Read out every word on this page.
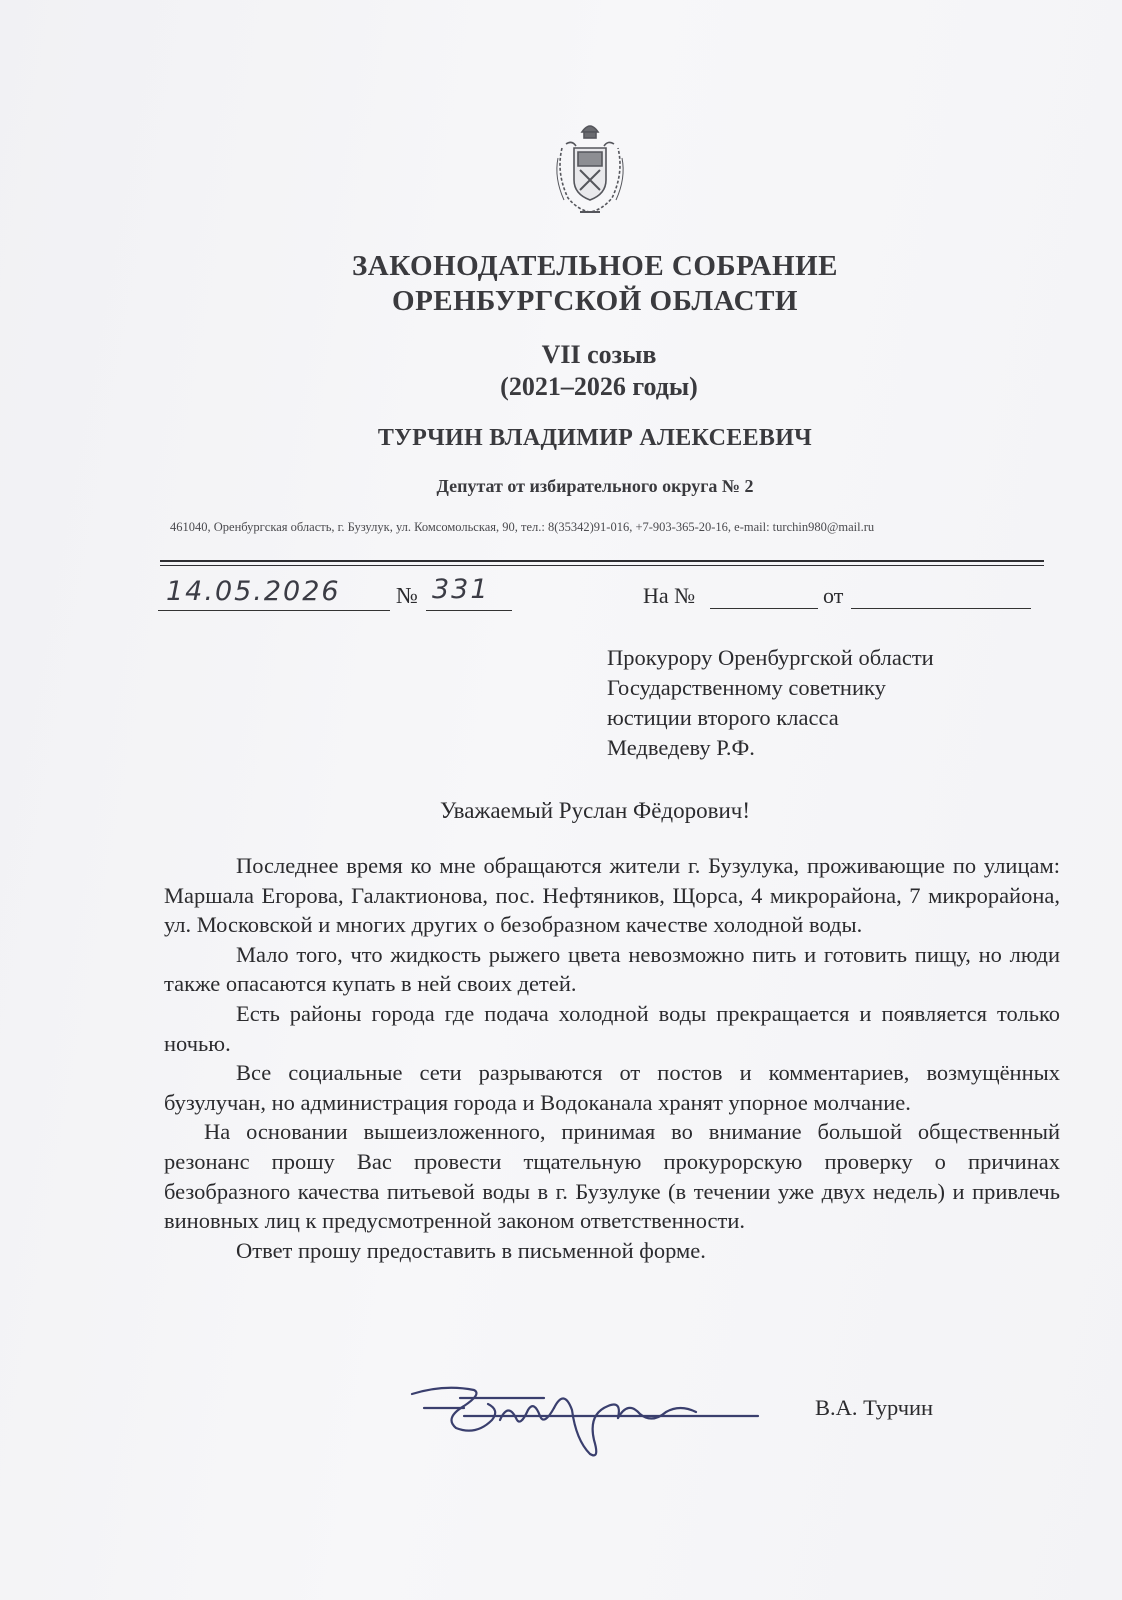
ЗАКОНОДАТЕЛЬНОЕ СОБРАНИЕ
ОРЕНБУРГСКОЙ ОБЛАСТИ
VII созыв
(2021–2026 годы)
ТУРЧИН ВЛАДИМИР АЛЕКСЕЕВИЧ
Депутат от избирательного округа № 2
461040, Оренбургская область, г. Бузулук, ул. Комсомольская, 90, тел.: 8(35342)91-016, +7-903-365-20-16, e-mail: turchin980@mail.ru
14.05.2026 № 331	На №	от
Прокурору Оренбургской области
Государственному советнику
юстиции второго класса
Медведеву Р.Ф.
Уважаемый Руслан Фёдорович!

Последнее время ко мне обращаются жители г. Бузулука, проживающие по улицам: Маршала Егорова, Галактионова, пос. Нефтяников, Щорса, 4 микрорайона, 7 микрорайона, ул. Московской и многих других о безобразном качестве холодной воды.

Мало того, что жидкость рыжего цвета невозможно пить и готовить пищу, но люди также опасаются купать в ней своих детей.

Есть районы города где подача холодной воды прекращается и появляется только ночью.

Все социальные сети разрываются от постов и комментариев, возмущённых бузулучан, но администрация города и Водоканала хранят упорное молчание.

На основании вышеизложенного, принимая во внимание большой общественный резонанс прошу Вас провести тщательную прокурорскую проверку о причинах безобразного качества питьевой воды в г. Бузулуке (в течении уже двух недель) и привлечь виновных лиц к предусмотренной законом ответственности.

Ответ прошу предоставить в письменной форме.

В.А. Турчин
